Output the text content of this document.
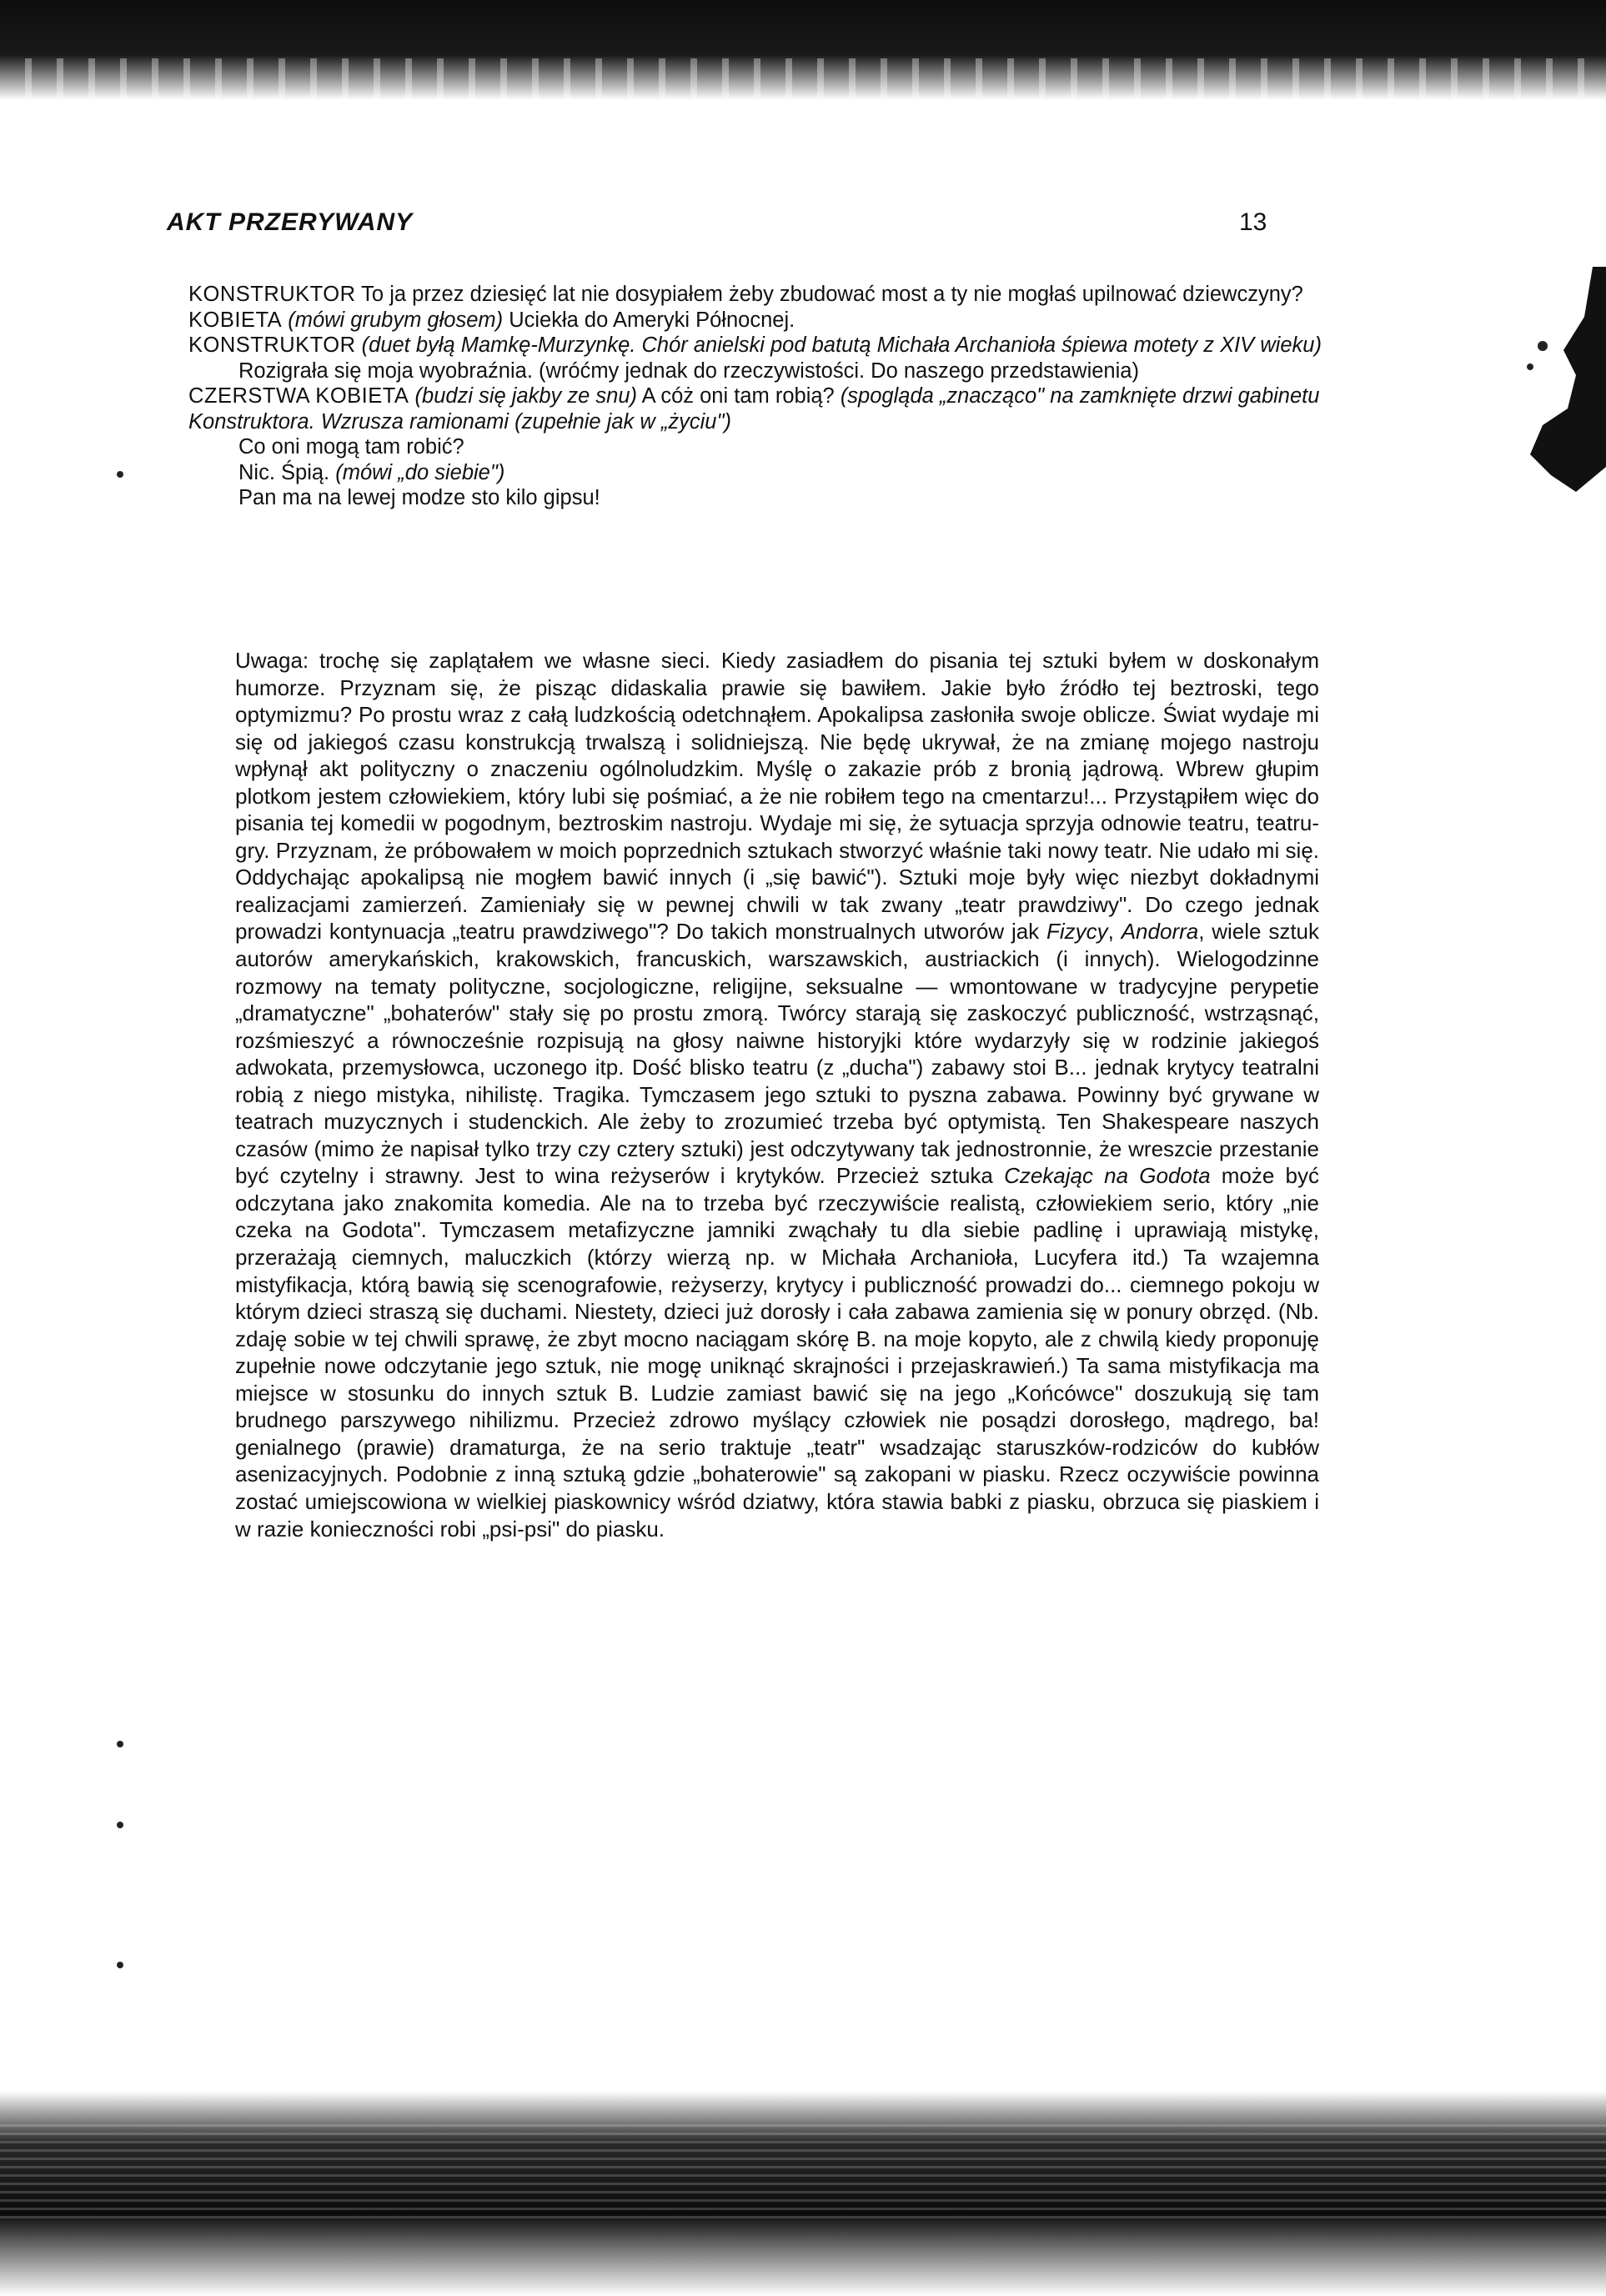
AKT PRZERYWANY	13

KONSTRUKTOR To ja przez dziesięć lat nie dosypiałem żeby zbudować most a ty nie mogłaś upilnować dziewczyny?

KOBIETA (mówi grubym głosem) Uciekła do Ameryki Północnej.

KONSTRUKTOR (duet byłą Mamkę-Murzynkę. Chór anielski pod batutą Michała Archanioła śpiewa motety z XIV wieku)

Rozigrała się moja wyobraźnia. (wróćmy jednak do rzeczywistości. Do naszego przedstawienia)

CZERSTWA KOBIETA (budzi się jakby ze snu) A cóż oni tam robią? (spogląda „znacząco" na zamknięte drzwi gabinetu Konstruktora. Wzrusza ramionami (zupełnie jak w „życiu")

Co oni mogą tam robić?

Nic. Śpią. (mówi „do siebie")

Pan ma na lewej modze sto kilo gipsu!

Uwaga: trochę się zaplątałem we własne sieci. Kiedy zasiadłem do pisania tej sztuki byłem w doskonałym humorze. Przyznam się, że pisząc didaskalia prawie się bawiłem. Jakie było źródło tej beztroski, tego optymizmu? Po prostu wraz z całą ludzkością odetchnąłem. Apokalipsa zasłoniła swoje oblicze. Świat wydaje mi się od jakiegoś czasu konstrukcją trwalszą i solidniejszą. Nie będę ukrywał, że na zmianę mojego nastroju wpłynął akt polityczny o znaczeniu ogólnoludzkim. Myślę o zakazie prób z bronią jądrową. Wbrew głupim plotkom jestem człowiekiem, który lubi się pośmiać, a że nie robiłem tego na cmentarzu!... Przystąpiłem więc do pisania tej komedii w pogodnym, beztroskim nastroju. Wydaje mi się, że sytuacja sprzyja odnowie teatru, teatru-gry. Przyznam, że próbowałem w moich poprzednich sztukach stworzyć właśnie taki nowy teatr. Nie udało mi się. Oddychając apokalipsą nie mogłem bawić innych (i „się bawić"). Sztuki moje były więc niezbyt dokładnymi realizacjami zamierzeń. Zamieniały się w pewnej chwili w tak zwany „teatr prawdziwy". Do czego jednak prowadzi kontynuacja „teatru prawdziwego"? Do takich monstrualnych utworów jak Fizycy, Andorra, wiele sztuk autorów amerykańskich, krakowskich, francuskich, warszawskich, austriackich (i innych). Wielogodzinne rozmowy na tematy polityczne, socjologiczne, religijne, seksualne — wmontowane w tradycyjne perypetie „dramatyczne" „bohaterów" stały się po prostu zmorą. Twórcy starają się zaskoczyć publiczność, wstrząsnąć, rozśmieszyć a równocześnie rozpisują na głosy naiwne historyjki które wydarzyły się w rodzinie jakiegoś adwokata, przemysłowca, uczonego itp. Dość blisko teatru (z „ducha") zabawy stoi B... jednak krytycy teatralni robią z niego mistyka, nihilistę. Tragika. Tymczasem jego sztuki to pyszna zabawa. Powinny być grywane w teatrach muzycznych i studenckich. Ale żeby to zrozumieć trzeba być optymistą. Ten Shakespeare naszych czasów (mimo że napisał tylko trzy czy cztery sztuki) jest odczytywany tak jednostronnie, że wreszcie przestanie być czytelny i strawny. Jest to wina reżyserów i krytyków. Przecież sztuka Czekając na Godota może być odczytana jako znakomita komedia. Ale na to trzeba być rzeczywiście realistą, człowiekiem serio, który „nie czeka na Godota". Tymczasem metafizyczne jamniki zwąchały tu dla siebie padlinę i uprawiają mistykę, przerażają ciemnych, maluczkich (którzy wierzą np. w Michała Archanioła, Lucyfera itd.) Ta wzajemna mistyfikacja, którą bawią się scenografowie, reżyserzy, krytycy i publiczność prowadzi do... ciemnego pokoju w którym dzieci straszą się duchami. Niestety, dzieci już dorosły i cała zabawa zamienia się w ponury obrzęd. (Nb. zdaję sobie w tej chwili sprawę, że zbyt mocno naciągam skórę B. na moje kopyto, ale z chwilą kiedy proponuję zupełnie nowe odczytanie jego sztuk, nie mogę uniknąć skrajności i przejaskrawień.) Ta sama mistyfikacja ma miejsce w stosunku do innych sztuk B. Ludzie zamiast bawić się na jego „Końcówce" doszukują się tam brudnego parszywego nihilizmu. Przecież zdrowo myślący człowiek nie posądzi dorosłego, mądrego, ba! genialnego (prawie) dramaturga, że na serio traktuje „teatr" wsadzając staruszków-rodziców do kubłów asenizacyjnych. Podobnie z inną sztuką gdzie „bohaterowie" są zakopani w piasku. Rzecz oczywiście powinna zostać umiejscowiona w wielkiej piaskownicy wśród dziatwy, która stawia babki z piasku, obrzuca się piaskiem i w razie konieczności robi „psi-psi" do piasku.
